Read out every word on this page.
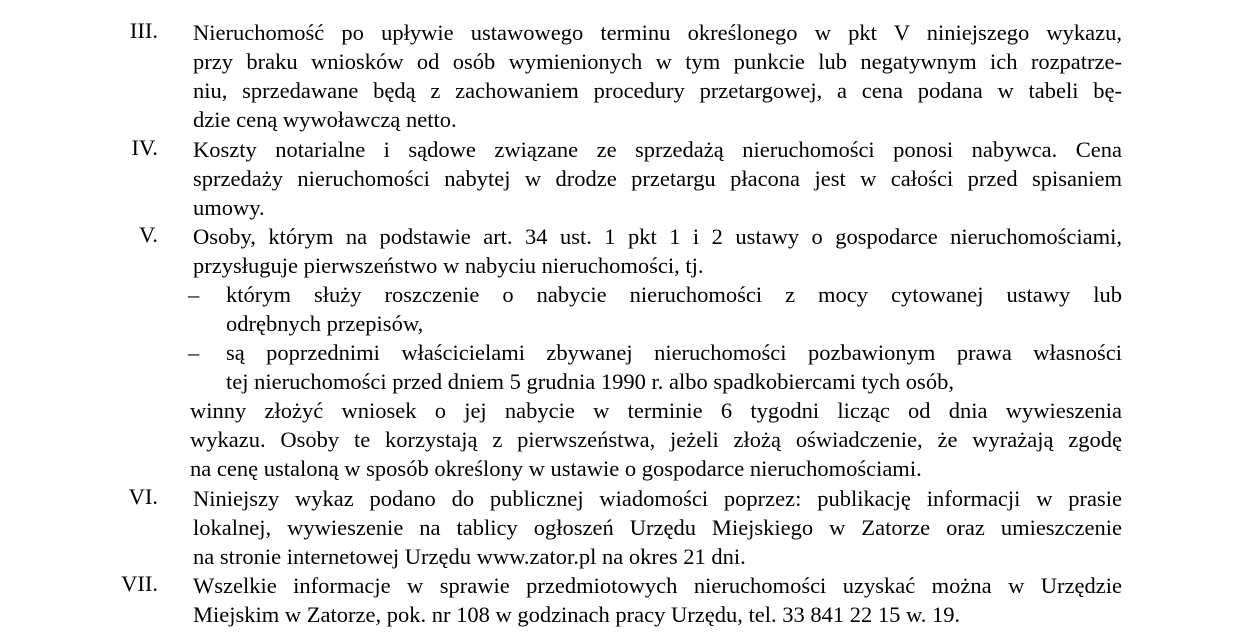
III. Nieruchomość po upływie ustawowego terminu określonego w pkt V niniejszego wykazu,
przy braku wniosków od osób wymienionych w tym punkcie lub negatywnym ich rozpatrze-
niu, sprzedawane będą z zachowaniem procedury przetargowej, a cena podana w tabeli bę-
dzie ceną wywoławczą netto.
IV. Koszty notarialne i sądowe związane ze sprzedażą nieruchomości ponosi nabywca. Cena
sprzedaży nieruchomości nabytej w drodze przetargu płacona jest w całości przed spisaniem
umowy.
V. Osoby, którym na podstawie art. 34 ust. 1 pkt 1 i 2 ustawy o gospodarce nieruchomościami,
przysługuje pierwszeństwo w nabyciu nieruchomości, tj.
– którym służy roszczenie o nabycie nieruchomości z mocy cytowanej ustawy lub
odrębnych przepisów,
– są poprzednimi właścicielami zbywanej nieruchomości pozbawionym prawa własności
tej nieruchomości przed dniem 5 grudnia 1990 r. albo spadkobiercami tych osób,
winny złożyć wniosek o jej nabycie w terminie 6 tygodni licząc od dnia wywieszenia
wykazu. Osoby te korzystają z pierwszeństwa, jeżeli złożą oświadczenie, że wyrażają zgodę
na cenę ustaloną w sposób określony w ustawie o gospodarce nieruchomościami.
VI. Niniejszy wykaz podano do publicznej wiadomości poprzez: publikację informacji w prasie
lokalnej, wywieszenie na tablicy ogłoszeń Urzędu Miejskiego w Zatorze oraz umieszczenie
na stronie internetowej Urzędu www.zator.pl na okres 21 dni.
VII. Wszelkie informacje w sprawie przedmiotowych nieruchomości uzyskać można w Urzędzie
Miejskim w Zatorze, pok. nr 108 w godzinach pracy Urzędu, tel. 33 841 22 15 w. 19.
